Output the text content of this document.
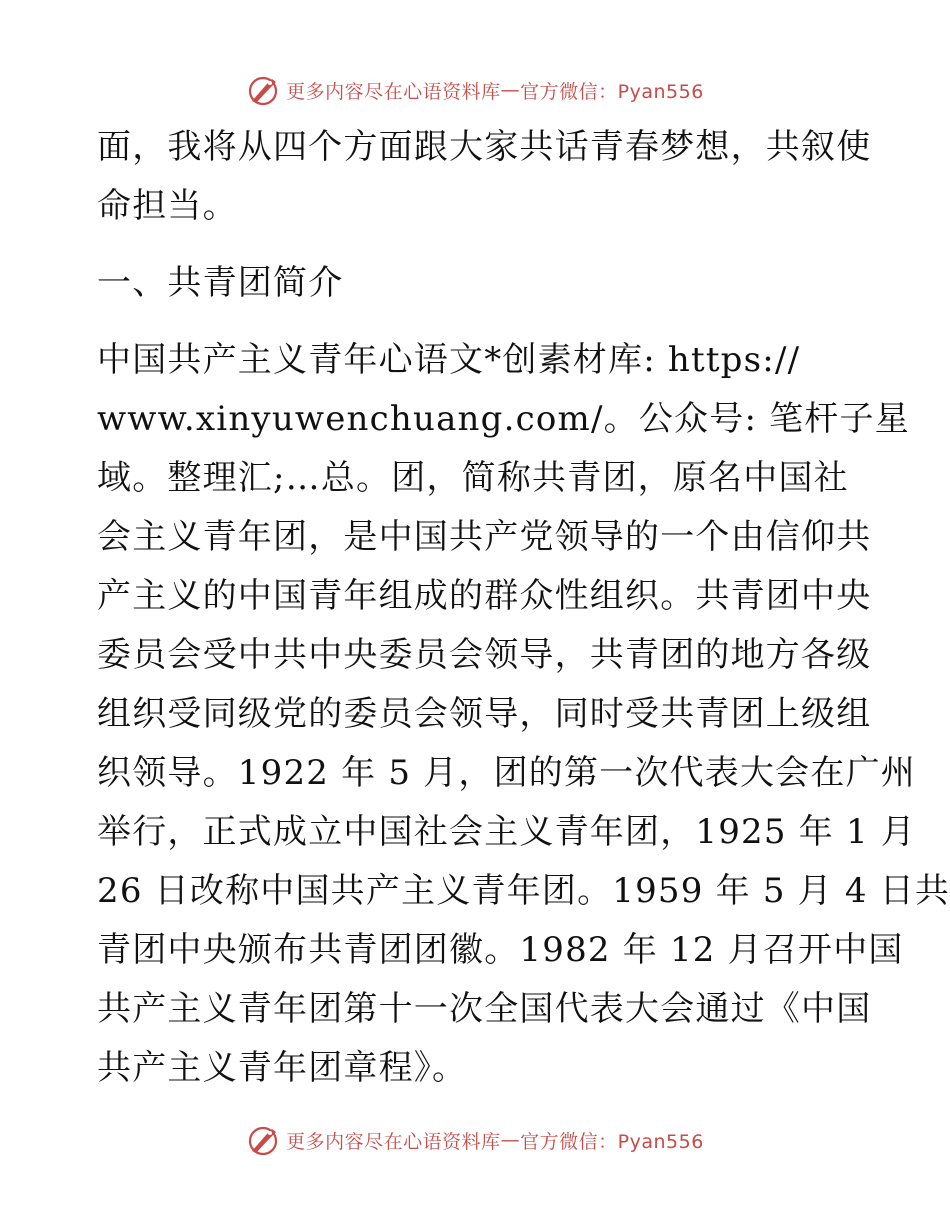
更多内容尽在心语资料库 — 官方微信：Pyan556
面，我将从四个方面跟大家共话青春梦想，共叙使
命担当。
一、共青团简介
中国共产主义青年心语文*创素材库: https://
www.xinyuwenchuang.com/。公众号: 笔杆子星
域。整理汇;…总。团，简称共青团，原名中国社
会主义青年团，是中国共产党领导的一个由信仰共
产主义的中国青年组成的群众性组织。共青团中央
委员会受中共中央委员会领导，共青团的地方各级
组织受同级党的委员会领导，同时受共青团上级组
织领导。1922 年 5 月，团的第一次代表大会在广州
举行，正式成立中国社会主义青年团，1925 年 1 月
26 日改称中国共产主义青年团。1959 年 5 月 4 日共
青团中央颁布共青团团徽。1982 年 12 月召开中国
共产主义青年团第十一次全国代表大会通过《中国
共产主义青年团章程》。
更多内容尽在心语资料库 — 官方微信：Pyan556
